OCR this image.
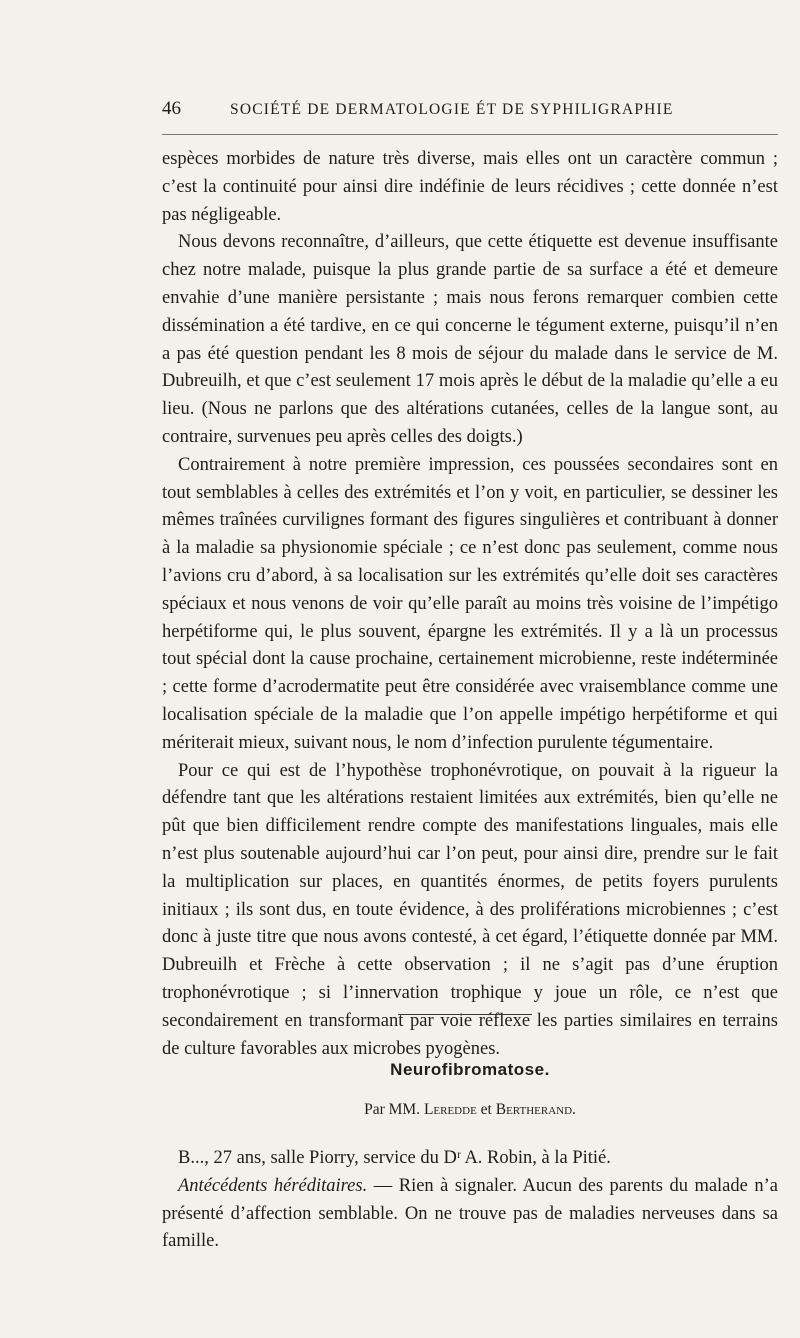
46	SOCIÉTÉ DE DERMATOLOGIE ÉT DE SYPHILIGRAPHIE

espèces morbides de nature très diverse, mais elles ont un caractère commun ; c’est la continuité pour ainsi dire indéfinie de leurs récidives ; cette donnée n’est pas négligeable.

Nous devons reconnaître, d’ailleurs, que cette étiquette est devenue insuffisante chez notre malade, puisque la plus grande partie de sa surface a été et demeure envahie d’une manière persistante ; mais nous ferons remarquer combien cette dissémination a été tardive, en ce qui concerne le tégument externe, puisqu’il n’en a pas été question pendant les 8 mois de séjour du malade dans le service de M. Dubreuilh, et que c’est seulement 17 mois après le début de la maladie qu’elle a eu lieu. (Nous ne parlons que des altérations cutanées, celles de la langue sont, au contraire, survenues peu après celles des doigts.)

Contrairement à notre première impression, ces poussées secondaires sont en tout semblables à celles des extrémités et l’on y voit, en particulier, se dessiner les mêmes traînées curvilignes formant des figures singulières et contribuant à donner à la maladie sa physionomie spéciale ; ce n’est donc pas seulement, comme nous l’avions cru d’abord, à sa localisation sur les extrémités qu’elle doit ses caractères spéciaux et nous venons de voir qu’elle paraît au moins très voisine de l’impétigo herpétiforme qui, le plus souvent, épargne les extrémités. Il y a là un processus tout spécial dont la cause prochaine, certainement microbienne, reste indéterminée ; cette forme d’acrodermatite peut être considérée avec vraisemblance comme une localisation spéciale de la maladie que l’on appelle impétigo herpétiforme et qui mériterait mieux, suivant nous, le nom d’infection purulente tégumentaire.

Pour ce qui est de l’hypothèse trophonévrotique, on pouvait à la rigueur la défendre tant que les altérations restaient limitées aux extrémités, bien qu’elle ne pût que bien difficilement rendre compte des manifestations linguales, mais elle n’est plus soutenable aujourd’hui car l’on peut, pour ainsi dire, prendre sur le fait la multiplication sur places, en quantités énormes, de petits foyers purulents initiaux ; ils sont dus, en toute évidence, à des proliférations microbiennes ; c’est donc à juste titre que nous avons contesté, à cet égard, l’étiquette donnée par MM. Dubreuilh et Frèche à cette observation ; il ne s’agit pas d’une éruption trophonévrotique ; si l’innervation trophique y joue un rôle, ce n’est que secondairement en transformant par voie réflexe les parties similaires en terrains de culture favorables aux microbes pyogènes.

Neurofibromatose.
Par MM. Leredde et Bertherand.

B..., 27 ans, salle Piorry, service du Dʳ A. Robin, à la Pitié.

Antécédents héréditaires. — Rien à signaler. Aucun des parents du malade n’a présenté d’affection semblable. On ne trouve pas de maladies nerveuses dans sa famille.
